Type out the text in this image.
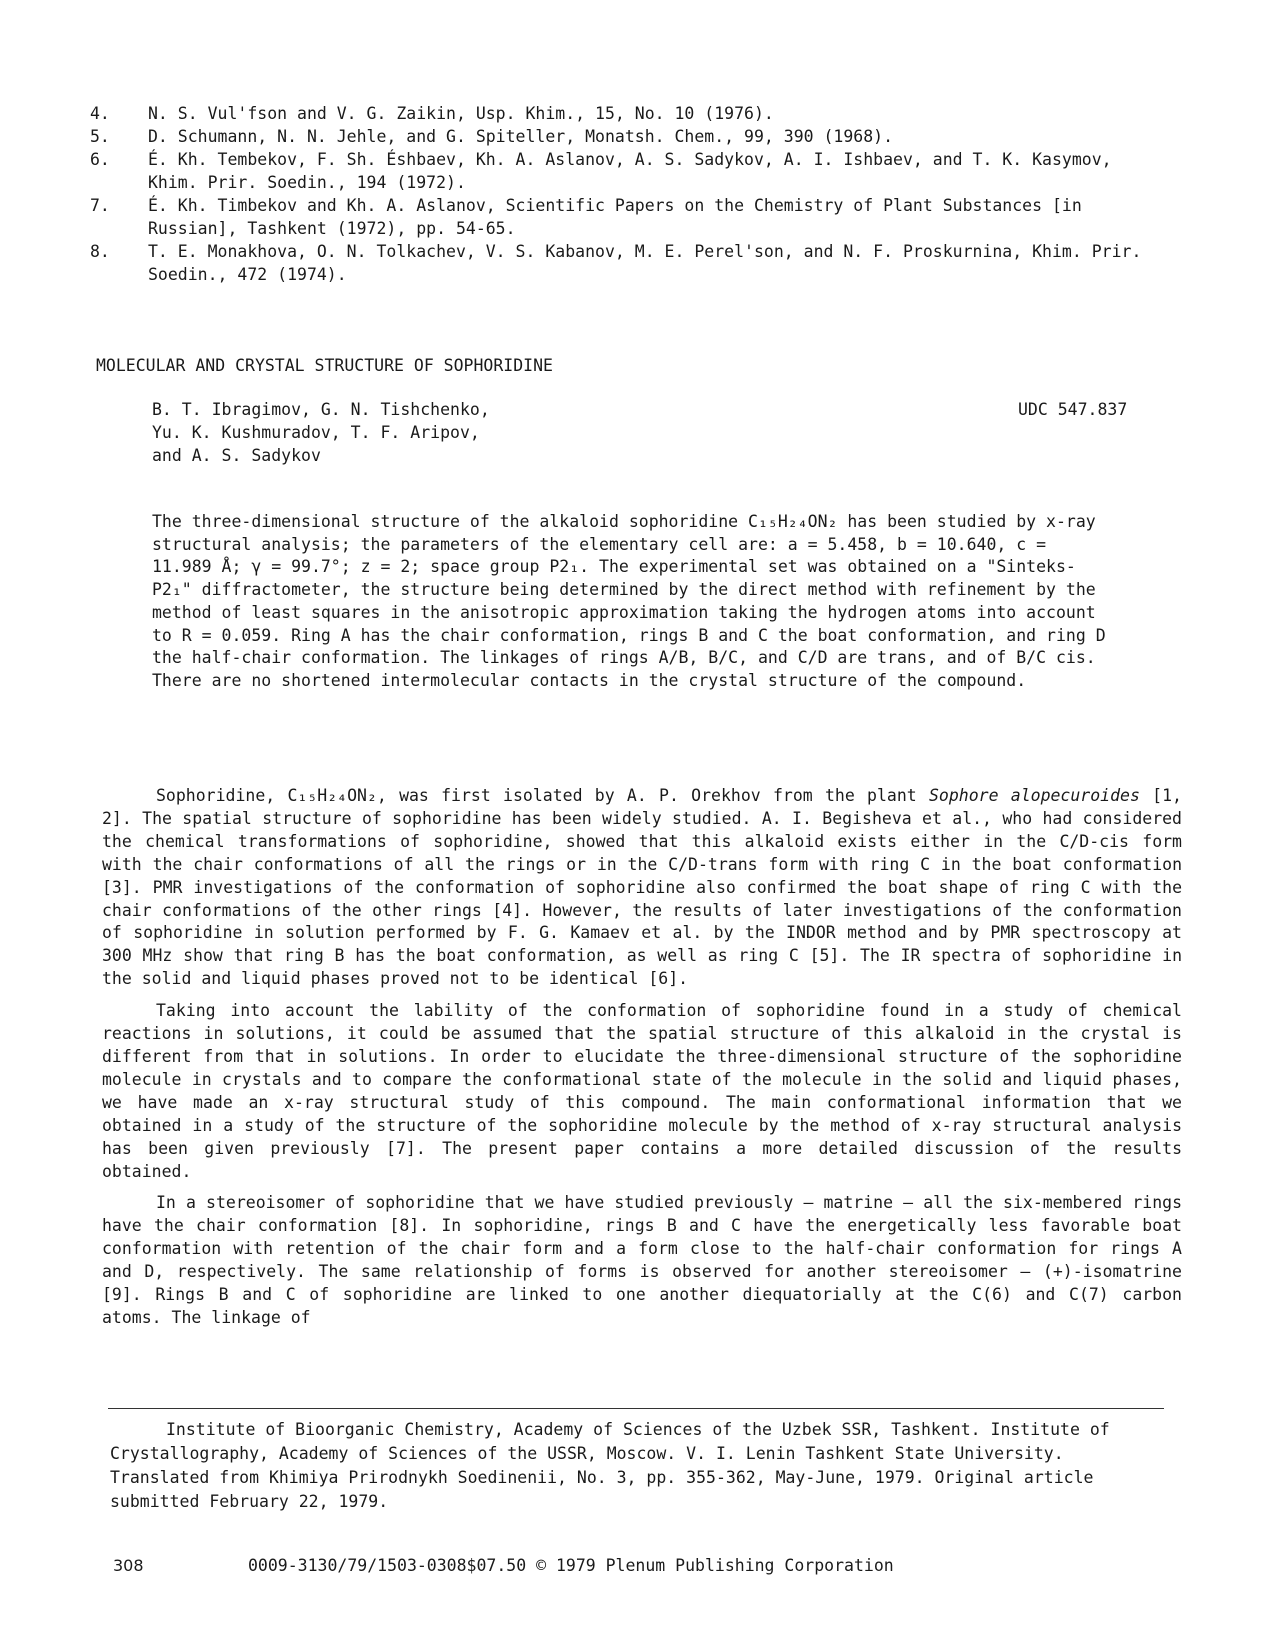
4.	N. S. Vul'fson and V. G. Zaikin, Usp. Khim., 15, No. 10 (1976).
5.	D. Schumann, N. N. Jehle, and G. Spiteller, Monatsh. Chem., 99, 390 (1968).
6.	É. Kh. Tembekov, F. Sh. Éshbaev, Kh. A. Aslanov, A. S. Sadykov, A. I. Ishbaev, and T. K. Kasymov, Khim. Prir. Soedin., 194 (1972).
7.	É. Kh. Timbekov and Kh. A. Aslanov, Scientific Papers on the Chemistry of Plant Substances [in Russian], Tashkent (1972), pp. 54-65.
8.	T. E. Monakhova, O. N. Tolkachev, V. S. Kabanov, M. E. Perel'son, and N. F. Proskurnina, Khim. Prir. Soedin., 472 (1974).
MOLECULAR AND CRYSTAL STRUCTURE OF SOPHORIDINE
B. T. Ibragimov, G. N. Tishchenko,
Yu. K. Kushmuradov, T. F. Aripov,
and A. S. Sadykov
UDC 547.837

The three-dimensional structure of the alkaloid sophoridine C₁₅H₂₄ON₂ has been studied by x-ray structural analysis; the parameters of the elementary cell are: a = 5.458, b = 10.640, c = 11.989 Å; γ = 99.7°; z = 2; space group P2₁. The experimental set was obtained on a "Sinteks-P2₁" diffractometer, the structure being determined by the direct method with refinement by the method of least squares in the anisotropic approximation taking the hydrogen atoms into account to R = 0.059. Ring A has the chair conformation, rings B and C the boat conformation, and ring D the half-chair conformation. The linkages of rings A/B, B/C, and C/D are trans, and of B/C cis. There are no shortened intermolecular contacts in the crystal structure of the compound.

Sophoridine, C₁₅H₂₄ON₂, was first isolated by A. P. Orekhov from the plant Sophore alopecuroides [1, 2]. The spatial structure of sophoridine has been widely studied. A. I. Begisheva et al., who had considered the chemical transformations of sophoridine, showed that this alkaloid exists either in the C/D-cis form with the chair conformations of all the rings or in the C/D-trans form with ring C in the boat conformation [3]. PMR investigations of the conformation of sophoridine also confirmed the boat shape of ring C with the chair conformations of the other rings [4]. However, the results of later investigations of the conformation of sophoridine in solution performed by F. G. Kamaev et al. by the INDOR method and by PMR spectroscopy at 300 MHz show that ring B has the boat conformation, as well as ring C [5]. The IR spectra of sophoridine in the solid and liquid phases proved not to be identical [6].

Taking into account the lability of the conformation of sophoridine found in a study of chemical reactions in solutions, it could be assumed that the spatial structure of this alkaloid in the crystal is different from that in solutions. In order to elucidate the three-dimensional structure of the sophoridine molecule in crystals and to compare the conformational state of the molecule in the solid and liquid phases, we have made an x-ray structural study of this compound. The main conformational information that we obtained in a study of the structure of the sophoridine molecule by the method of x-ray structural analysis has been given previously [7]. The present paper contains a more detailed discussion of the results obtained.

In a stereoisomer of sophoridine that we have studied previously — matrine — all the six-membered rings have the chair conformation [8]. In sophoridine, rings B and C have the energetically less favorable boat conformation with retention of the chair form and a form close to the half-chair conformation for rings A and D, respectively. The same relationship of forms is observed for another stereoisomer — (+)-isomatrine [9]. Rings B and C of sophoridine are linked to one another diequatorially at the C(6) and C(7) carbon atoms. The linkage of

Institute of Bioorganic Chemistry, Academy of Sciences of the Uzbek SSR, Tashkent. Institute of Crystallography, Academy of Sciences of the USSR, Moscow. V. I. Lenin Tashkent State University. Translated from Khimiya Prirodnykh Soedinenii, No. 3, pp. 355-362, May-June, 1979. Original article submitted February 22, 1979.

308	0009-3130/79/1503-0308$07.50 © 1979 Plenum Publishing Corporation
